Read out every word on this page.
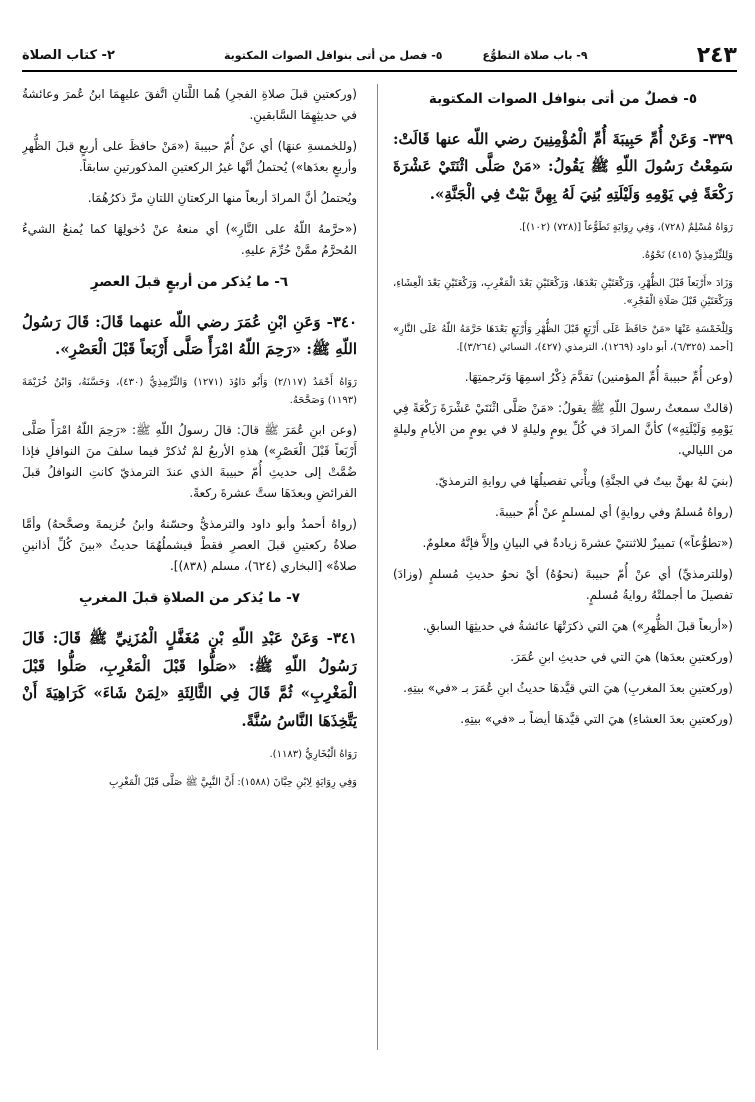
٢٤٣
٩- باب صلاة التطوُّع
٥- فصل من أتى بنوافل الصوات المكتوبة
٢- كتاب الصلاة
٥- فصلٌ من أتى بنوافل الصوات المكتوبة

٣٣٩- وَعَنْ أُمِّ حَبِيبَةَ أُمِّ الْمُؤْمِنِينَ رضي اللّه عنها قَالَتْ: سَمِعْتُ رَسُولَ اللّهِ ﷺ يَقُولُ: «مَنْ صَلَّى اثْنَتَيْ عَشْرَةَ رَكْعَةً فِي يَوْمِهِ وَلَيْلَتِهِ بُنِيَ لَهُ بِهِنَّ بَيْتٌ فِي الْجَنَّةِ».

رَوَاهُ مُسْلِمٌ (٧٢٨)، وَفِي رِوَايَةٍ تَطَوُّعاً [(٧٢٨) (١٠٢)].

وَلِلتِّرْمِذِيِّ (٤١٥) نَحْوُهُ.

وَزَادَ «أَرْبَعاً قَبْلَ الظُّهْرِ، وَرَكْعَتَيْنِ بَعْدَهَا، وَرَكْعَتَيْنِ بَعْدَ الْمَغْرِبِ، وَرَكْعَتَيْنِ بَعْدَ الْعِشَاءِ، وَرَكْعَتَيْنِ قَبْلَ صَلَاةِ الْفَجْرِ».

وَلِلْخَمْسَةِ عَنْهَا «مَنْ حَافَظَ عَلَى أَرْبَعٍ قَبْلَ الظُّهْرِ وَأَرْبَعٍ بَعْدَهَا حَرَّمَهُ اللّهُ عَلَى النَّارِ» [أحمد (٦/٣٢٥)، أبو داود (١٢٦٩)، الترمذي (٤٢٧)، النسائي (٣/٢٦٤)].

(وعن أُمِّ حبيبةَ أُمِّ المؤمنين) تقدَّمَ ذِكْرُ اسمِهَا وَتَرجمتِهَا.

(قالتْ سمعتُ رسولَ اللّهِ ﷺ يقولُ: «مَنْ صَلَّى اثْنَتَيْ عَشْرَةَ رَكْعَةً فِي يَوْمِهِ وَلَيْلَتِهِ») كأنَّ المرادَ في كُلِّ يومٍ وليلةٍ لا في يومٍ من الأيامِ وليلةٍ من الليالي.

(بنيَ لهُ بهنَّ بيتٌ في الجنَّةِ) ويأْتي تفصيلُهَا في روايةِ الترمذيّ.

(رواهُ مُسلمٌ وفي روايةٍ) أي لمسلمٍ عنْ أُمّ حبيبةَ.

(«تطوُّعاً») تمييزٌ للاثنتيْ عشرةَ زيادةٌ في البيانِ وإلاَّ فإنَّهُ معلومٌ.

(وللترمذيِّ) أي عنْ أُمّ حبيبةَ (نحوُهُ) أيْ نحوُ حديثِ مُسلمٍ (وزادَ) تفصيلَ ما أجملتْهُ روايةُ مُسلمٍ.

(«أربعاً قبلَ الظُّهرِ») هيَ التي ذكرَتْهَا عائشةُ في حديثِهَا السابقِ.

(وركعتينِ بعدَها) هيَ التي في حديثِ ابنِ عُمَرَ.

(وركعتينِ بعدَ المغربِ) هيَ التي قيَّدهَا حديثُ ابنِ عُمَرَ بـ «في» بيتِهِ.

(وركعتينِ بعدَ العشاءِ) هيَ التي قيَّدهَا أيضاً بـ «في» بيتِهِ.

(وركعتينِ قبلَ صلاةِ الفجرِ) هُما اللَّتانِ اتَّفقَ عليهِمَا ابنُ عُمرَ وعائشةُ في حديثِهِمَا السَّابقينِ.

(وللخمسةِ عنهَا) أي عنْ أُمّ حبيبةَ («مَنْ حافظَ على أربعٍ قبلَ الظُّهرِ وأربعٍ بعدَها») يُحتملُ أنَّها غيرُ الركعتينِ المذكورتينِ سابقاً.

ويُحتملُ أنَّ المرادَ أربعاً منها الركعتانِ اللتانِ مرَّ ذكرُهُمَا.

(«حرَّمهُ اللّهُ على النَّارِ») أي منعهُ عنْ دُخولِهَا كما يُمنعُ الشيءُ المُحرَّمُ ممَّنْ حُرِّمَ عليهِ.

٦- ما يُذكر من أربعٍ قبلَ العصرِ

٣٤٠- وَعَنِ ابْنِ عُمَرَ رضي اللّه عنهما قَالَ: قَالَ رَسُولُ اللّهِ ﷺ: «رَحِمَ اللّهُ امْرَأً صَلَّى أَرْبَعاً قَبْلَ الْعَصْرِ».

رَوَاهُ أَحْمَدُ (٢/١١٧) وَأَبُو دَاوُدَ (١٢٧١) وَالتِّرْمِذِيُّ (٤٣٠)، وَحَسَّنَهُ، وَابْنُ خُزَيْمَةَ (١١٩٣) وَصَحَّحَهُ.

(وعن ابنِ عُمَرَ ﷺ قالَ: قالَ رسولُ اللّهِ ﷺ: «رَحِمَ اللّهُ امْرَأً صَلَّى أَرْبَعاً قَبْلَ الْعَصْرِ») هذهِ الأربعُ لمْ تُذكرْ فيما سلفَ منَ النوافلِ فإذا ضُمَّتْ إلى حديثِ أُمّ حبيبةَ الذي عندَ الترمذيّ كانتِ النوافلُ قبلَ الفرائضِ وبعدَهَا ستَّ عشرةَ ركعةً.

(رواهُ أحمدُ وأبو داود والترمذيُّ وحسّنهُ وابنُ خُزيمةَ وصحَّحهُ) وأمَّا صلاةُ ركعتينِ قبلَ العصرِ فقطْ فيشملُهُمَا حديثُ «بينَ كُلِّ أذانينِ صلاةٌ» [البخاري (٦٢٤)، مسلم (٨٣٨)].

٧- ما يُذكر من الصلاةِ قبلَ المغربِ

٣٤١- وَعَنْ عَبْدِ اللّهِ بْنِ مُغَفَّلٍ الْمُزَنِيِّ ﷺ قَالَ: قَالَ رَسُولُ اللّهِ ﷺ: «صَلُّوا قَبْلَ الْمَغْرِبِ، صَلُّوا قَبْلَ الْمَغْرِبِ» ثُمَّ قَالَ فِي الثَّالِثَةِ «لِمَنْ شَاءَ» كَرَاهِيَةَ أَنْ يَتَّخِذَهَا النَّاسُ سُنَّةً.

رَوَاهُ الْبُخَارِيُّ (١١٨٣).

وَفِي رِوَايَةٍ لِابْنِ حِبَّانَ (١٥٨٨): أَنَّ النَّبِيَّ ﷺ صَلَّى قَبْلَ الْمَغْرِبِ
